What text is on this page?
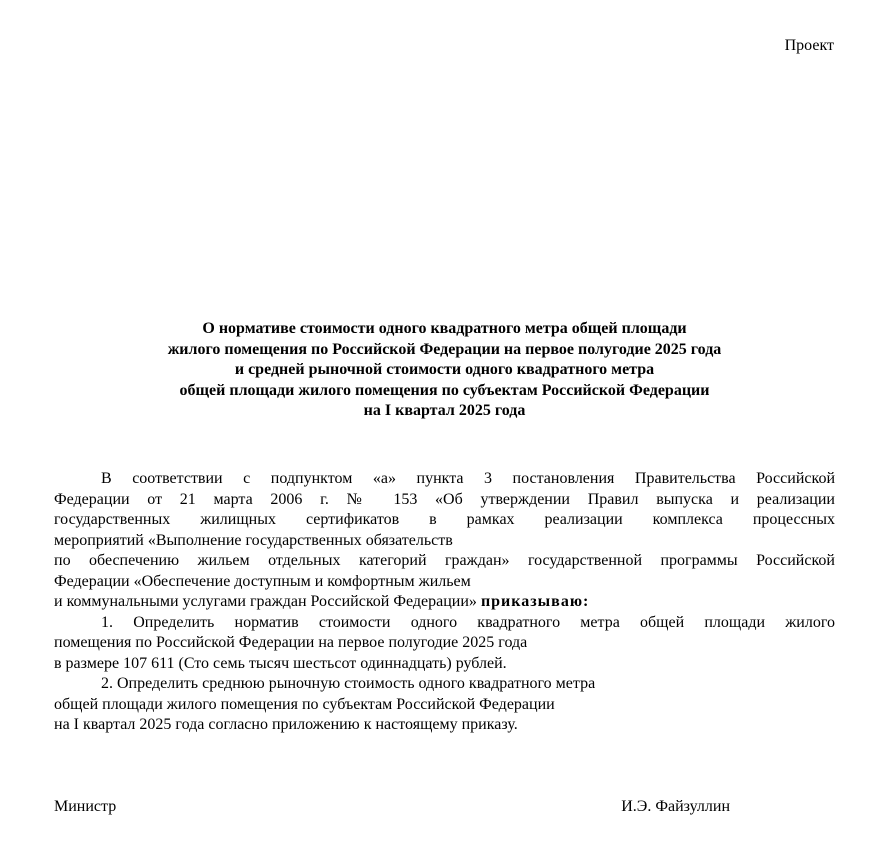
Проект
О нормативе стоимости одного квадратного метра общей площади
жилого помещения по Российской Федерации на первое полугодие 2025 года
и средней рыночной стоимости одного квадратного метра
общей площади жилого помещения по субъектам Российской Федерации
на I квартал 2025 года
В соответствии с подпунктом «а» пункта 3 постановления Правительства Российской
Федерации от 21 марта 2006 г. № 153 «Об утверждении Правил выпуска и реализации
государственных жилищных сертификатов в рамках реализации комплекса процессных
мероприятий «Выполнение государственных обязательств
по обеспечению жильем отдельных категорий граждан» государственной программы Российской
Федерации «Обеспечение доступным и комфортным жильем
и коммунальными услугами граждан Российской Федерации» приказываю:
1. Определить норматив стоимости одного квадратного метра общей площади жилого
помещения по Российской Федерации на первое полугодие 2025 года
в размере 107 611 (Сто семь тысяч шестьсот одиннадцать) рублей.
2. Определить среднюю рыночную стоимость одного квадратного метра
общей площади жилого помещения по субъектам Российской Федерации
на I квартал 2025 года согласно приложению к настоящему приказу.
Министр	И.Э. Файзуллин
